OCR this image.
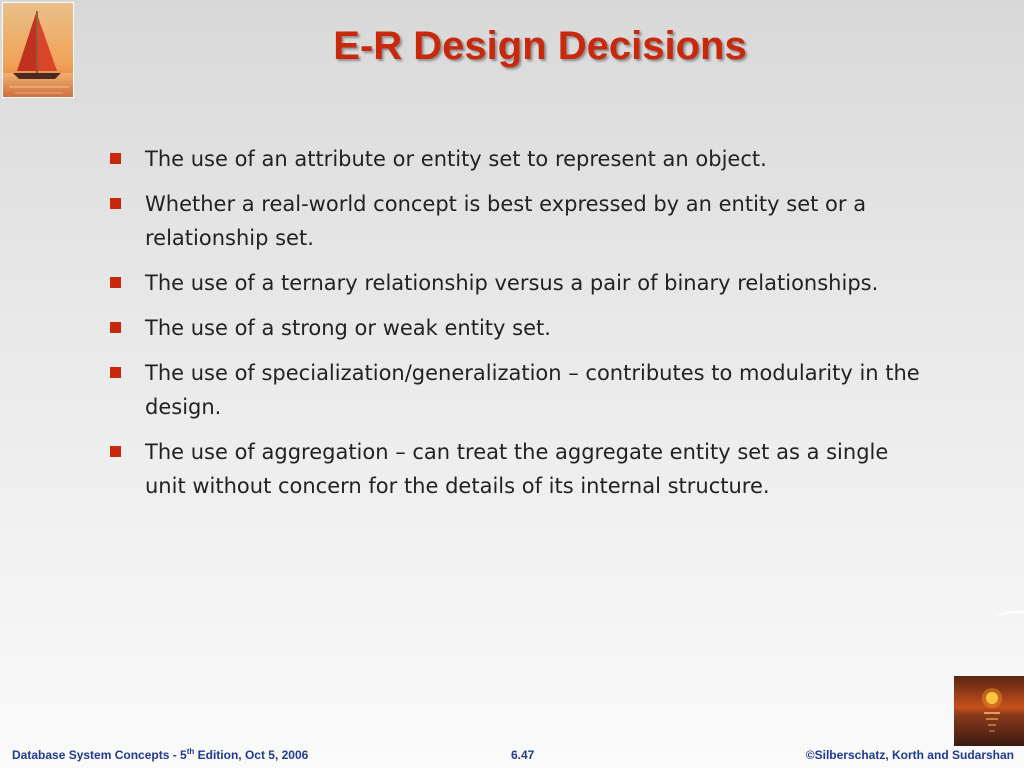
E-R Design Decisions
The use of an attribute or entity set to represent an object.
Whether a real-world concept is best expressed by an entity set or a relationship set.
The use of a ternary relationship versus a pair of binary relationships.
The use of a strong or weak entity set.
The use of specialization/generalization – contributes to modularity in the design.
The use of aggregation – can treat the aggregate entity set as a single unit without concern for the details of its internal structure.
Database System Concepts - 5th Edition, Oct 5, 2006	6.47	©Silberschatz, Korth and Sudarshan
